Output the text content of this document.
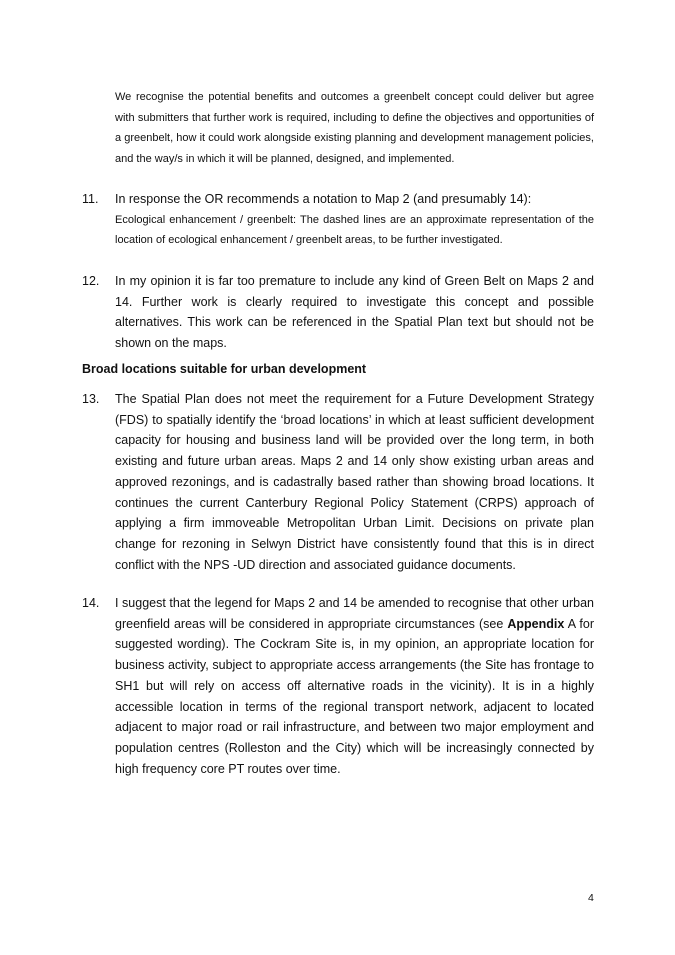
We recognise the potential benefits and outcomes a greenbelt concept could deliver but agree with submitters that further work is required, including to define the objectives and opportunities of a greenbelt, how it could work alongside existing planning and development management policies, and the way/s in which it will be planned, designed, and implemented.
11. In response the OR recommends a notation to Map 2 (and presumably 14):
Ecological enhancement / greenbelt: The dashed lines are an approximate representation of the location of ecological enhancement / greenbelt areas, to be further investigated.
12. In my opinion it is far too premature to include any kind of Green Belt on Maps 2 and 14. Further work is clearly required to investigate this concept and possible alternatives. This work can be referenced in the Spatial Plan text but should not be shown on the maps.
Broad locations suitable for urban development
13. The Spatial Plan does not meet the requirement for a Future Development Strategy (FDS) to spatially identify the ‘broad locations’ in which at least sufficient development capacity for housing and business land will be provided over the long term, in both existing and future urban areas. Maps 2 and 14 only show existing urban areas and approved rezonings, and is cadastrally based rather than showing broad locations. It continues the current Canterbury Regional Policy Statement (CRPS) approach of applying a firm immoveable Metropolitan Urban Limit. Decisions on private plan change for rezoning in Selwyn District have consistently found that this is in direct conflict with the NPS -UD direction and associated guidance documents.
14. I suggest that the legend for Maps 2 and 14 be amended to recognise that other urban greenfield areas will be considered in appropriate circumstances (see Appendix A for suggested wording). The Cockram Site is, in my opinion, an appropriate location for business activity, subject to appropriate access arrangements (the Site has frontage to SH1 but will rely on access off alternative roads in the vicinity). It is in a highly accessible location in terms of the regional transport network, adjacent to located adjacent to major road or rail infrastructure, and between two major employment and population centres (Rolleston and the City) which will be increasingly connected by high frequency core PT routes over time.
4
